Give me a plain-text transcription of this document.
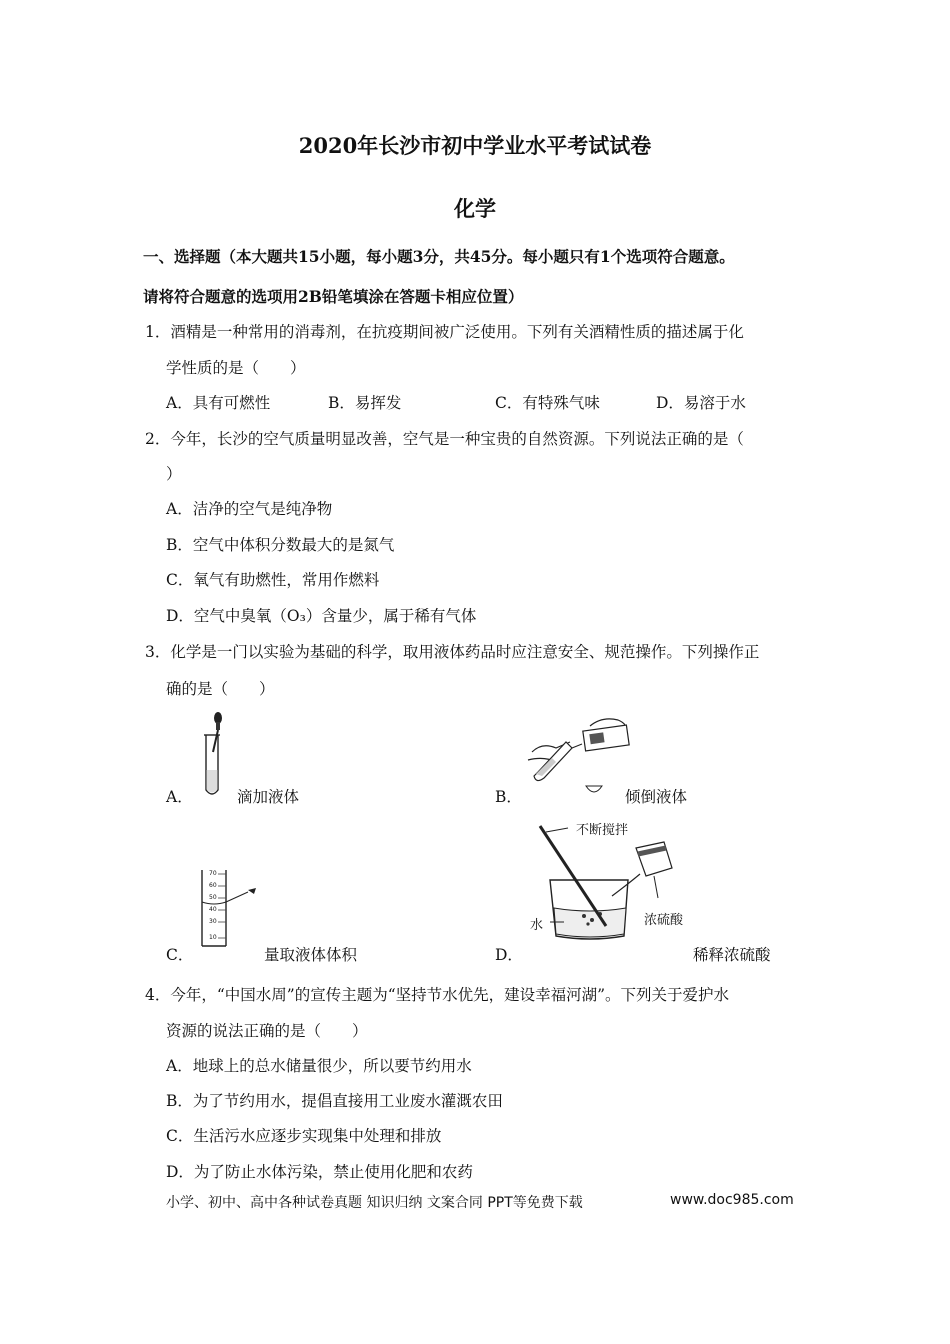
2020年长沙市初中学业水平考试试卷
化学
一、选择题（本大题共15小题，每小题3分，共45分。每小题只有1个选项符合题意。
请将符合题意的选项用2B铅笔填涂在答题卡相应位置）
1．酒精是一种常用的消毒剂，在抗疫期间被广泛使用。下列有关酒精性质的描述属于化
学性质的是（　　）
A．具有可燃性	B．易挥发	C．有特殊气味	D．易溶于水
2．今年，长沙的空气质量明显改善，空气是一种宝贵的自然资源。下列说法正确的是（
）
A．洁净的空气是纯净物
B．空气中体积分数最大的是氮气
C．氧气有助燃性，常用作燃料
D．空气中臭氧（O₃）含量少，属于稀有气体
3．化学是一门以实验为基础的科学，取用液体药品时应注意安全、规范操作。下列操作正
确的是（　　）
A．	滴加液体	B．	倾倒液体
70
60
50
40
30
10
C．	量取液体体积
不断搅拌
水	浓硫酸
D．	稀释浓硫酸
4．今年，“中国水周”的宣传主题为“坚持节水优先，建设幸福河湖”。下列关于爱护水
资源的说法正确的是（　　）
A．地球上的总水储量很少，所以要节约用水
B．为了节约用水，提倡直接用工业废水灌溉农田
C．生活污水应逐步实现集中处理和排放
D．为了防止水体污染，禁止使用化肥和农药
小学、初中、高中各种试卷真题 知识归纳 文案合同 PPT等免费下载	www.doc985.com
